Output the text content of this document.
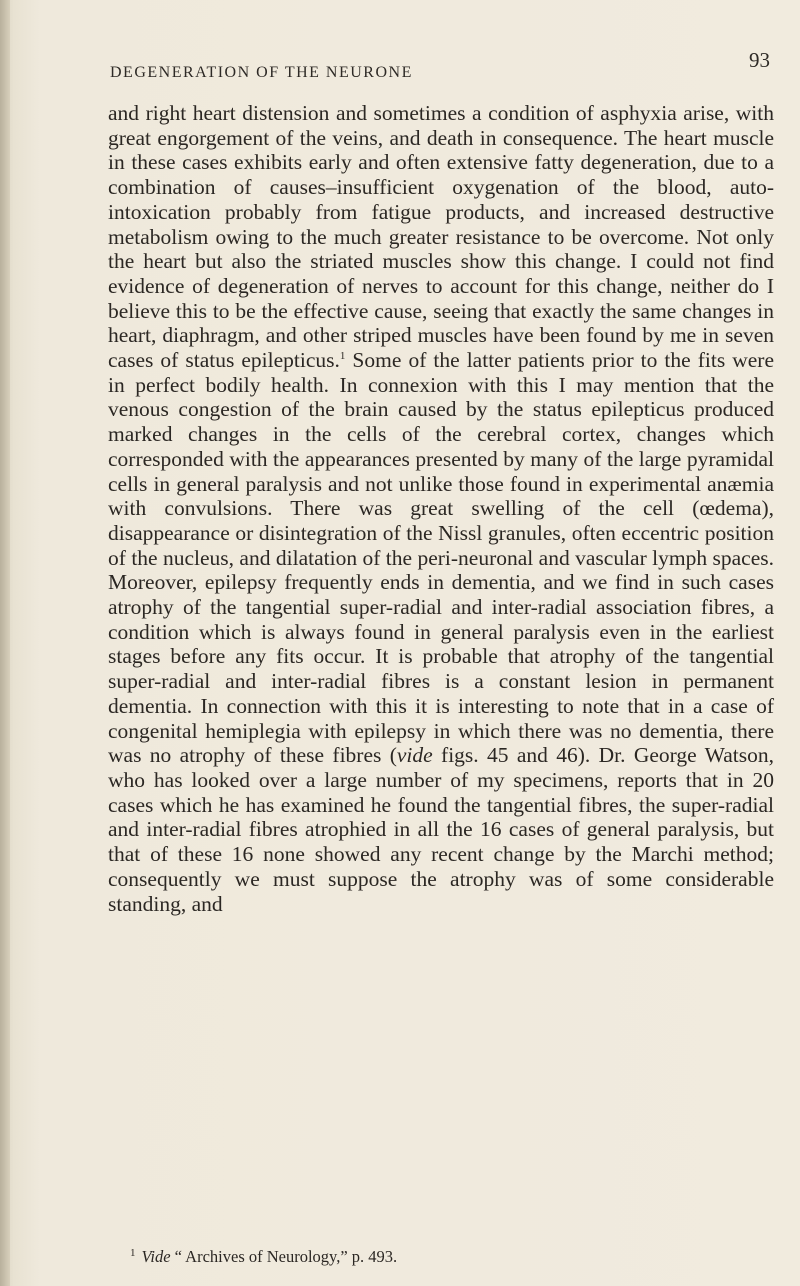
DEGENERATION OF THE NEURONE
93

and right heart distension and sometimes a condition of asphyxia arise, with great engorgement of the veins, and death in consequence. The heart muscle in these cases exhibits early and often extensive fatty degeneration, due to a combination of causes–insufficient oxygenation of the blood, auto-intoxication probably from fatigue products, and increased destructive metabolism owing to the much greater resistance to be overcome. Not only the heart but also the striated muscles show this change. I could not find evidence of degeneration of nerves to account for this change, neither do I believe this to be the effective cause, seeing that exactly the same changes in heart, diaphragm, and other striped muscles have been found by me in seven cases of status epilepticus.$^1$ Some of the latter patients prior to the fits were in perfect bodily health. In connexion with this I may mention that the venous congestion of the brain caused by the status epilepticus produced marked changes in the cells of the cerebral cortex, changes which corresponded with the appearances presented by many of the large pyramidal cells in general paralysis and not unlike those found in experimental anæmia with convulsions. There was great swelling of the cell (œdema), disappearance or disintegration of the Nissl granules, often eccentric position of the nucleus, and dilatation of the peri-neuronal and vascular lymph spaces. Moreover, epilepsy frequently ends in dementia, and we find in such cases atrophy of the tangential super-radial and inter-radial association fibres, a condition which is always found in general paralysis even in the earliest stages before any fits occur. It is probable that atrophy of the tangential super-radial and inter-radial fibres is a constant lesion in permanent dementia. In connection with this it is interesting to note that in a case of congenital hemiplegia with epilepsy in which there was no dementia, there was no atrophy of these fibres (vide figs. 45 and 46). Dr. George Watson, who has looked over a large number of my specimens, reports that in 20 cases which he has examined he found the tangential fibres, the super-radial and inter-radial fibres atrophied in all the 16 cases of general paralysis, but that of these 16 none showed any recent change by the Marchi method; consequently we must suppose the atrophy was of some considerable standing, and

$^1$ Vide “ Archives of Neurology,” p. 493.
